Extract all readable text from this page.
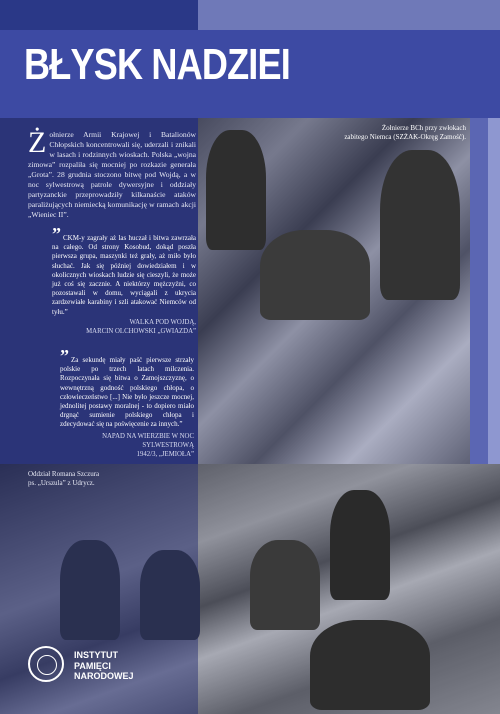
BŁYSK NADZIEI
Żołnierze Armii Krajowej i Batalionów Chłopskich koncentrowali się, uderzali i znikali w lasach i rodzinnych wioskach. Polska „wojna zimowa” rozpaliła się mocniej po rozkazie generała „Grota”. 28 grudnia stoczono bitwę pod Wojdą, a w noc sylwestrową patrole dywersyjne i oddziały partyzanckie przeprowadziły kilkanaście ataków paraliżujących niemiecką komunikację w ramach akcji „Wieniec II”.
” CKM-y zagrały aż las huczał i bitwa zawrzała na całego. Od strony Kosobud, dokąd poszła pierwsza grupa, maszynki też grały, aż miło było słuchać. Jak się później dowiedziałem i w okolicznych wioskach ludzie się cieszyli, że może już coś się zacznie. A niektórzy mężczyźni, co pozostawali w domu, wyciągali z ukrycia zardzewiałe karabiny i szli atakować Niemców od tyłu.”
WALKA POD WOJDĄ,
MARCIN OLCHOWSKI „GWIAZDA”
” Za sekundę miały paść pierwsze strzały polskie po trzech latach milczenia. Rozpoczynała się bitwa o Zamojszczyznę, o wewnętrzną godność polskiego chłopa, o człowieczeństwo [...] Nie było jeszcze mocnej, jednolitej postawy moralnej - to dopiero miało drgnąć sumienie polskiego chłopa i zdecydować się na poświęcenie za innych.”
NAPAD NA WIERZBIE W NOC SYLWESTROWĄ
1942/3, „JEMIOŁA”
Żołnierze BCh przy zwłokach
zabitego Niemca (SZŻAK-Okręg Zamość).
Oddział Romana Szczura
ps. „Urszula” z Udrycz.
INSTYTUT
PAMIĘCI
NARODOWEJ
